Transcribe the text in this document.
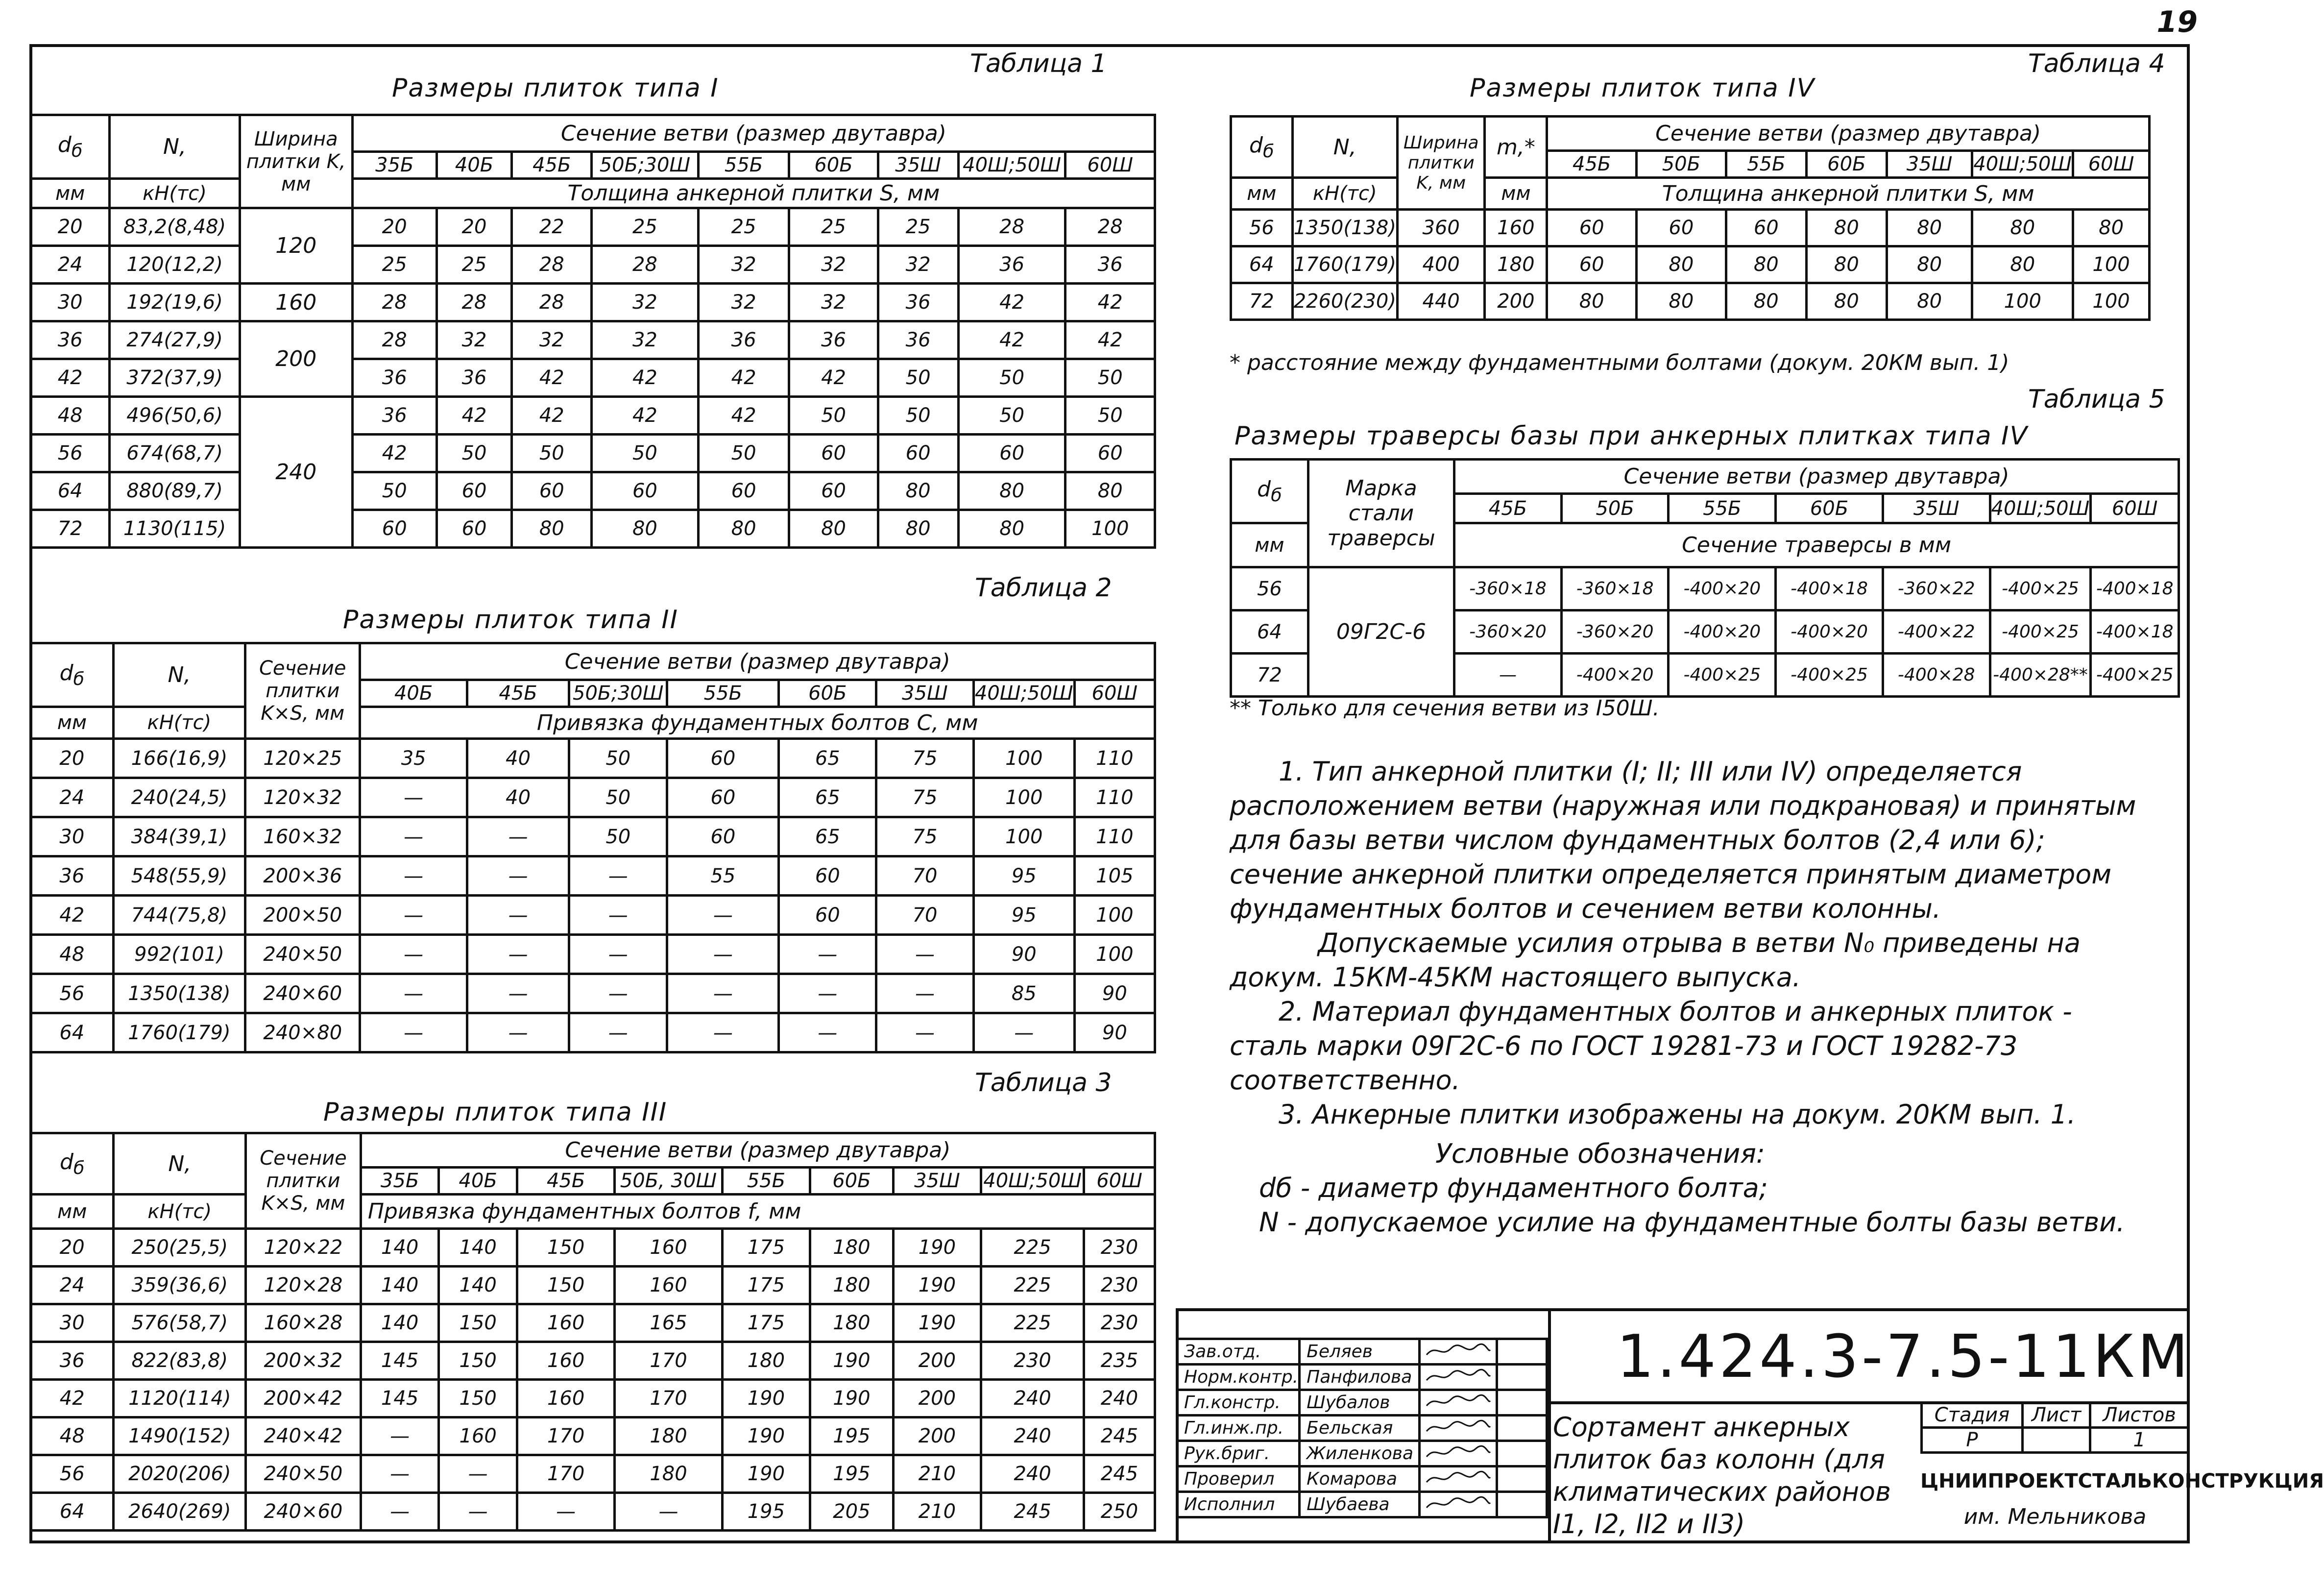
19
Таблица 1
Размеры плиток типа I
$d_б$	N,	Ширина плитки K, мм	Сечение ветви (размер двутавра)								
			35Б	40Б	45Б	50Б;30Ш	55Б	60Б	35Ш	40Ш;50Ш	60Ш
мм	кН(тс)		Толщина анкерной плитки S, мм								
20	83,2(8,48)	120	20	20	22	25	25	25	25	28	28
24	120(12,2)		25	25	28	28	32	32	32	36	36
30	192(19,6)	160	28	28	28	32	32	32	36	42	42
36	274(27,9)	200	28	32	32	32	36	36	36	42	42
42	372(37,9)		36	36	42	42	42	42	50	50	50
48	496(50,6)	240	36	42	42	42	42	50	50	50	50
56	674(68,7)		42	50	50	50	50	60	60	60	60
64	880(89,7)		50	60	60	60	60	60	80	80	80
72	1130(115)		60	60	80	80	80	80	80	80	100
Таблица 2
Размеры плиток типа II
$d_б$	N,	Сечение плитки K×S, мм	Сечение ветви (размер двутавра)							
			40Б	45Б	50Б;30Ш	55Б	60Б	35Ш	40Ш;50Ш	60Ш
мм	кН(тс)		Привязка фундаментных болтов C, мм							
20	166(16,9)	120×25	35	40	50	60	65	75	100	110
24	240(24,5)	120×32	—	40	50	60	65	75	100	110
30	384(39,1)	160×32	—	—	50	60	65	75	100	110
36	548(55,9)	200×36	—	—	—	55	60	70	95	105
42	744(75,8)	200×50	—	—	—	—	60	70	95	100
48	992(101)	240×50	—	—	—	—	—	—	90	100
56	1350(138)	240×60	—	—	—	—	—	—	85	90
64	1760(179)	240×80	—	—	—	—	—	—	—	90
Таблица 3
Размеры плиток типа III
$d_б$	N,	Сечение плитки K×S, мм	Сечение ветви (размер двутавра)								
			35Б	40Б	45Б	50Б, 30Ш	55Б	60Б	35Ш	40Ш;50Ш	60Ш
мм	кН(тс)		Привязка фундаментных болтов f, мм								
20	250(25,5)	120×22	140	140	150	160	175	180	190	225	230
24	359(36,6)	120×28	140	140	150	160	175	180	190	225	230
30	576(58,7)	160×28	140	150	160	165	175	180	190	225	230
36	822(83,8)	200×32	145	150	160	170	180	190	200	230	235
42	1120(114)	200×42	145	150	160	170	190	190	200	240	240
48	1490(152)	240×42	—	160	170	180	190	195	200	240	245
56	2020(206)	240×50	—	—	170	180	190	195	210	240	245
64	2640(269)	240×60	—	—	—	—	195	205	210	245	250
Таблица 4
Размеры плиток типа IV
$d_б$	N,	Ширина плитки K, мм	m,*	Сечение ветви (размер двутавра)						
				45Б	50Б	55Б	60Б	35Ш	40Ш;50Ш	60Ш
мм	кН(тс)		мм	Толщина анкерной плитки S, мм						
56	1350(138)	360	160	60	60	60	80	80	80	80
64	1760(179)	400	180	60	80	80	80	80	80	100
72	2260(230)	440	200	80	80	80	80	80	100	100
* расстояние между фундаментными болтами (докум. 20КМ вып. 1)
Таблица 5
Размеры траверсы базы при анкерных плитках типа IV
$d_б$	Марка стали траверсы	Сечение ветви (размер двутавра)						
		45Б	50Б	55Б	60Б	35Ш	40Ш;50Ш	60Ш
мм		Сечение траверсы в мм						
56	09Г2С-6	-360×18	-360×18	-400×20	-400×18	-360×22	-400×25	-400×18
64		-360×20	-360×20	-400×20	-400×20	-400×22	-400×25	-400×18
72		—	-400×20	-400×25	-400×25	-400×28	-400×28**	-400×25
** Только для сечения ветви из I50Ш.

1. Тип анкерной плитки (I; II; III или IV) определяется расположением ветви (наружная или подкрановая) и принятым для базы ветви числом фундаментных болтов (2,4 или 6); сечение анкерной плитки определяется принятым диаметром фундаментных болтов и сечением ветви колонны.

Допускаемые усилия отрыва в ветви N₀ приведены на докум. 15КМ-45КМ настоящего выпуска.

2. Материал фундаментных болтов и анкерных плиток - сталь марки 09Г2С-6 по ГОСТ 19281-73 и ГОСТ 19282-73 соответственно.

3. Анкерные плитки изображены на докум. 20КМ вып. 1.

Условные обозначения:

dб - диаметр фундаментного болта;

N - допускаемое усилие на фундаментные болты базы ветви.

Зав.отд.	Беляев		
Норм.контр.	Панфилова		
Гл.констр.	Шубалов		
Гл.инж.пр.	Бельская		
Рук.бриг.	Жиленкова		
Проверил	Комарова		
Исполнил	Шубаева		
1.424.3-7.5-11КМ
Сортамент анкерных плиток баз колонн (для климатических районов I1, I2, II2 и II3)
Стадия	Лист	Листов
Р		1
ЦНИИПРОЕКТСТАЛЬКОНСТРУКЦИЯ
им. Мельникова
